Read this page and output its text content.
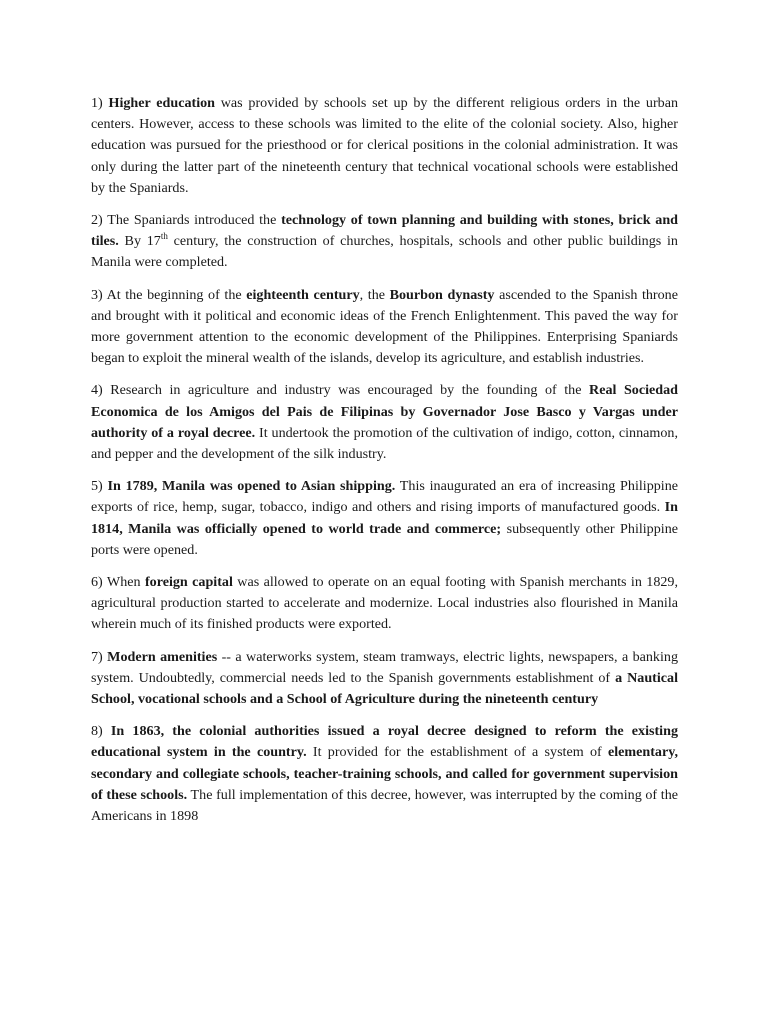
1) Higher education was provided by schools set up by the different religious orders in the urban centers. However, access to these schools was limited to the elite of the colonial society. Also, higher education was pursued for the priesthood or for clerical positions in the colonial administration. It was only during the latter part of the nineteenth century that technical vocational schools were established by the Spaniards.

2) The Spaniards introduced the technology of town planning and building with stones, brick and tiles. By 17th century, the construction of churches, hospitals, schools and other public buildings in Manila were completed.

3) At the beginning of the eighteenth century, the Bourbon dynasty ascended to the Spanish throne and brought with it political and economic ideas of the French Enlightenment. This paved the way for more government attention to the economic development of the Philippines. Enterprising Spaniards began to exploit the mineral wealth of the islands, develop its agriculture, and establish industries.

4) Research in agriculture and industry was encouraged by the founding of the Real Sociedad Economica de los Amigos del Pais de Filipinas by Governador Jose Basco y Vargas under authority of a royal decree. It undertook the promotion of the cultivation of indigo, cotton, cinnamon, and pepper and the development of the silk industry.

5) In 1789, Manila was opened to Asian shipping. This inaugurated an era of increasing Philippine exports of rice, hemp, sugar, tobacco, indigo and others and rising imports of manufactured goods. In 1814, Manila was officially opened to world trade and commerce; subsequently other Philippine ports were opened.

6) When foreign capital was allowed to operate on an equal footing with Spanish merchants in 1829, agricultural production started to accelerate and modernize. Local industries also flourished in Manila wherein much of its finished products were exported.

7) Modern amenities -- a waterworks system, steam tramways, electric lights, newspapers, a banking system. Undoubtedly, commercial needs led to the Spanish governments establishment of a Nautical School, vocational schools and a School of Agriculture during the nineteenth century

8) In 1863, the colonial authorities issued a royal decree designed to reform the existing educational system in the country. It provided for the establishment of a system of elementary, secondary and collegiate schools, teacher-training schools, and called for government supervision of these schools. The full implementation of this decree, however, was interrupted by the coming of the Americans in 1898
